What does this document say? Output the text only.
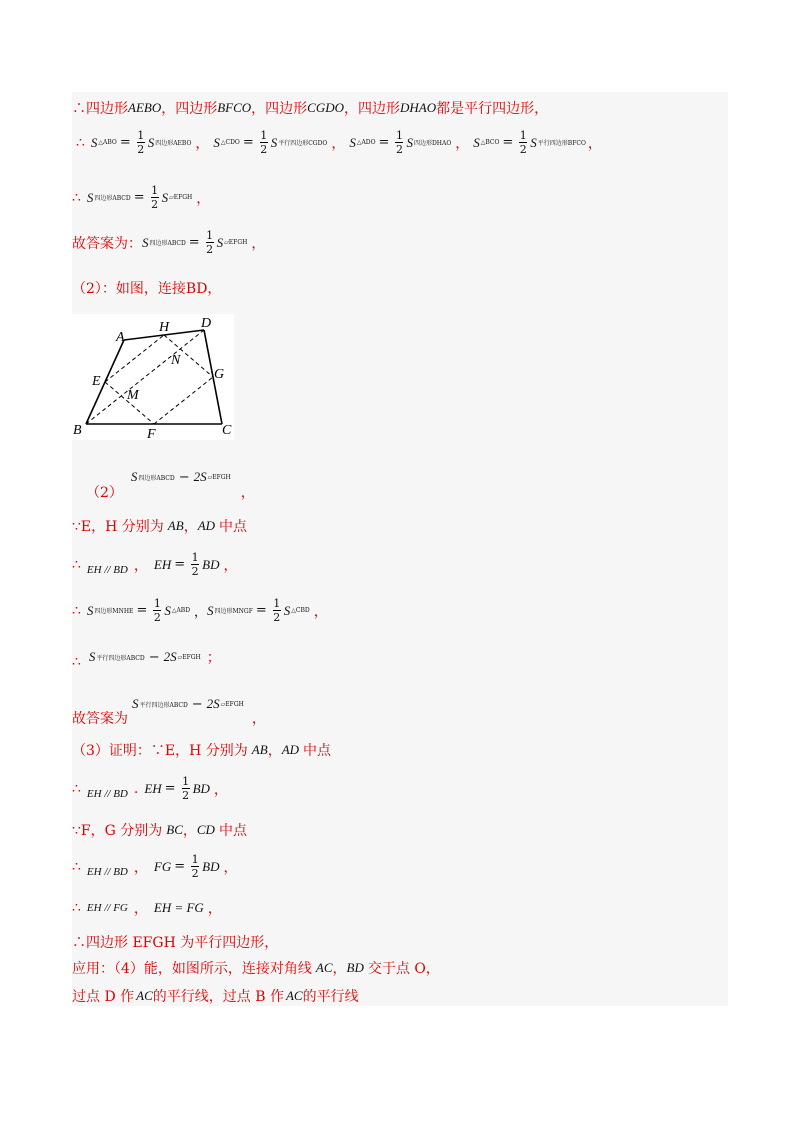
∴四边形 AEBO ，四边形 BFCO ，四边形 CGDO ，四边形 DHAO 都是平行四边形，
∴ S △ABO = $\frac{1}{2}$ S 四边形AEBO ， S △CDO = $\frac{1}{2}$ S 平行四边形CGDO ， S △ADO = $\frac{1}{2}$ S 四边形DHAO ， S △BCO = $\frac{1}{2}$ S 平行四边形BFCO ，
∴ S 四边形ABCD = $\frac{1}{2}$ S ▱EFGH ，
故答案为： S 四边形ABCD = $\frac{1}{2}$ S ▱EFGH ，
（2）：如图，连接BD，
A
B	C
D
E
F
G
H
M
N
（2）
S 四边形ABCD − 2S ▱EFGH
，
∵E，H 分别为 AB ， AD 中点
∴ EH // BD ， EH = $\frac{1}{2}$ BD ，
∴ S 四边形MNHE = $\frac{1}{2}$ S △ABD ， S 四边形MNGF = $\frac{1}{2}$ S △CBD ，
∴ S 平行四边形ABCD − 2S ▱EFGH ；
故答案为
S 平行四边形ABCD − 2S ▱EFGH
，
（3）证明：∵E，H 分别为 AB ， AD 中点
∴ EH // BD . EH = $\frac{1}{2}$ BD ，
∵F，G 分别为 BC ， CD 中点
∴ EH // BD ， FG = $\frac{1}{2}$ BD ，
∴ EH // FG ， EH = FG ，
∴四边形 EFGH 为平行四边形，
应用：（4）能，如图所示，连接对角线 AC ， BD 交于点 O，
过点 D 作 AC 的平行线，过点 B 作 AC 的平行线
